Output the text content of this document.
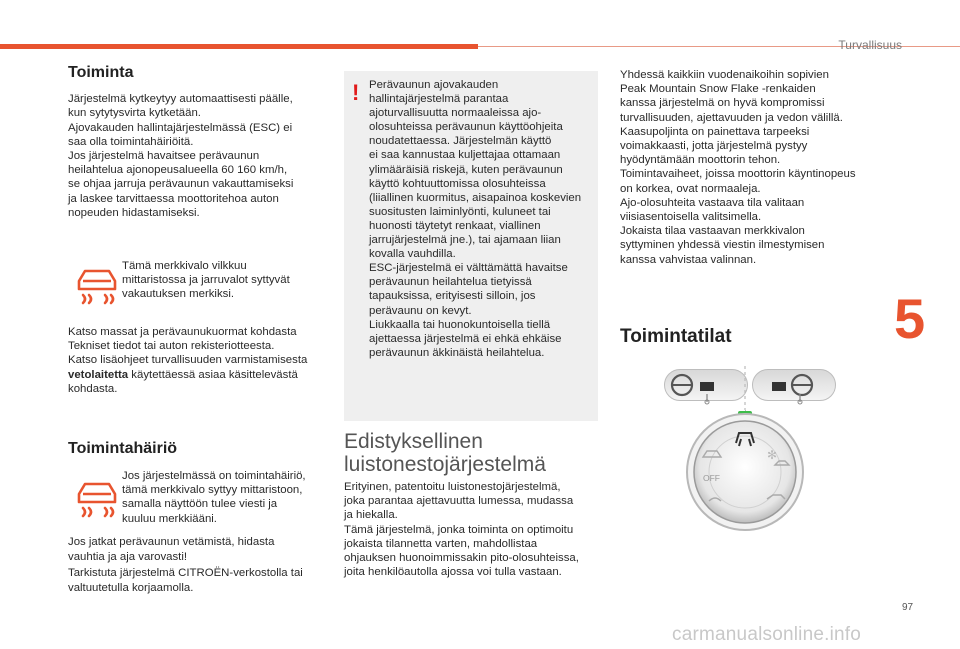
Turvallisuus
5
97
carmanualsonline.info
Toiminta

Järjestelmä kytkeytyy automaattisesti päälle,

kun sytytysvirta kytketään.

Ajovakauden hallintajärjestelmässä (ESC) ei

saa olla toimintahäiriöitä.

Jos järjestelmä havaitsee perävaunun

heilahtelua ajonopeusalueella 60 160 km/h,

se ohjaa jarruja perävaunun vakauttamiseksi

ja laskee tarvittaessa moottoritehoa auton

nopeuden hidastamiseksi.

Tämä merkkivalo vilkkuu

mittaristossa ja jarruvalot syttyvät

vakautuksen merkiksi.

Katso massat ja perävaunukuormat kohdasta

Tekniset tiedot tai auton rekisteriotteesta.

Katso lisäohjeet turvallisuuden varmistamisesta

vetolaitetta käytettäessä asiaa käsittelevästä

kohdasta.

Toimintahäiriö

Jos järjestelmässä on toimintahäiriö,

tämä merkkivalo syttyy mittaristoon,

samalla näyttöön tulee viesti ja

kuuluu merkkiääni.

Jos jatkat perävaunun vetämistä, hidasta

vauhtia ja aja varovasti!

Tarkistuta järjestelmä CITROËN-verkostolla tai

valtuutetulla korjaamolla.

! Perävaunun ajovakauden

hallintajärjestelmä parantaa

ajoturvallisuutta normaaleissa ajo-

olosuhteissa perävaunun käyttöohjeita

noudatettaessa. Järjestelmän käyttö

ei saa kannustaa kuljettajaa ottamaan

ylimääräisiä riskejä, kuten perävaunun

käyttö kohtuuttomissa olosuhteissa

(liiallinen kuormitus, aisapainoa koskevien

suositusten laiminlyönti, kuluneet tai

huonosti täytetyt renkaat, viallinen

jarrujärjestelmä jne.), tai ajamaan liian

kovalla vauhdilla.

ESC-järjestelmä ei välttämättä havaitse

perävaunun heilahtelua tietyissä

tapauksissa, erityisesti silloin, jos

perävaunu on kevyt.

Liukkaalla tai huonokuntoisella tiellä

ajettaessa järjestelmä ei ehkä ehkäise

perävaunun äkkinäistä heilahtelua.

Edistyksellinen

luistonestojärjestelmä

Erityinen, patentoitu luistonestojärjestelmä,

joka parantaa ajettavuutta lumessa, mudassa

ja hiekalla.

Tämä järjestelmä, jonka toiminta on optimoitu

jokaista tilannetta varten, mahdollistaa

ohjauksen huonoimmissakin pito-olosuhteissa,

joita henkilöautolla ajossa voi tulla vastaan.

Yhdessä kaikkiin vuodenaikoihin sopivien

Peak Mountain Snow Flake -renkaiden

kanssa järjestelmä on hyvä kompromissi

turvallisuuden, ajettavuuden ja vedon välillä.

Kaasupoljinta on painettava tarpeeksi

voimakkaasti, jotta järjestelmä pystyy

hyödyntämään moottorin tehon.

Toimintavaiheet, joissa moottorin käyntinopeus

on korkea, ovat normaaleja.

Ajo-olosuhteita vastaava tila valitaan

viisiasentoisella valitsimella.

Jokaista tilaa vastaavan merkkivalon

syttyminen yhdessä viestin ilmestymisen

kanssa vahvistaa valinnan.

Toimintatilat
OFF
✻
